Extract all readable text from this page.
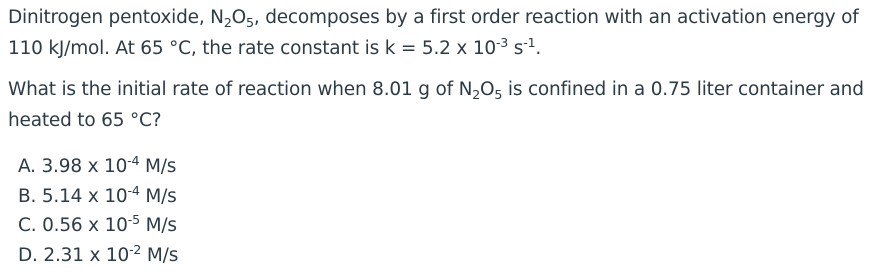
Dinitrogen pentoxide, $N_2O_5$, decomposes by a first order reaction with an activation energy of 110 kJ/mol. At 65 °C, the rate constant is k = 5.2 x $10^{-3}$ $s^{-1}$.

What is the initial rate of reaction when 8.01 g of $N_2O_5$ is confined in a 0.75 liter container and heated to 65 °C?

A. 3.98 x $10^{-4}$ M/s
B. 5.14 x $10^{-4}$ M/s
C. 0.56 x $10^{-5}$ M/s
D. 2.31 x $10^{-2}$ M/s
